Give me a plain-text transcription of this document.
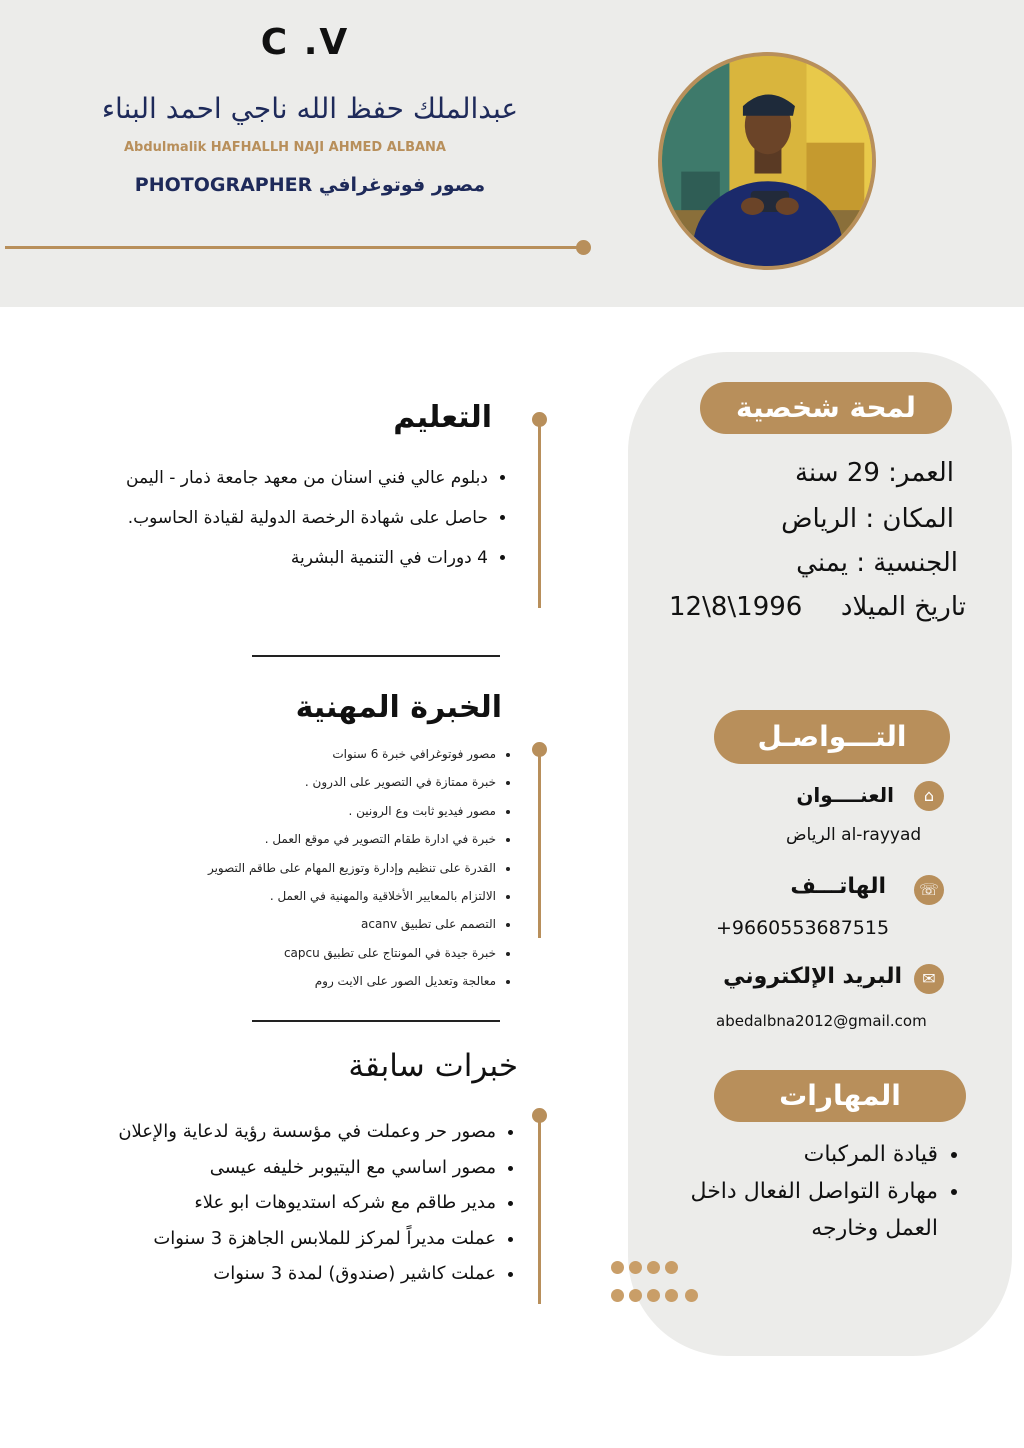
C .V
عبدالملك حفظ الله ناجي احمد البناء
Abdulmalik HAFHALLH NAJI AHMED ALBANA
مصور فوتوغرافي PHOTOGRAPHER
لمحة شخصية
العمر: 29 سنة
المكان : الرياض
الجنسية : يمني
تاريخ الميلاد  12\8\1996
التـــواصـل
⌂
العنــــوان
الرياض al-rayyad
☏
الهاتـــف
+9660553687515
✉
البريد الإلكتروني
abedalbna2012@gmail.com
المهارات
• قيادة المركبات
• مهارة التواصل الفعال داخل العمل وخارجه
التعليم
• دبلوم عالي فني اسنان من معهد جامعة ذمار - اليمن
• حاصل على شهادة الرخصة الدولية لقيادة الحاسوب.
• 4 دورات في التنمية البشرية
الخبرة المهنية
• مصور فوتوغرافي خبرة 6 سنوات
• خبرة ممتازة في التصوير على الدرون .
• مصور فيديو ثابت وع الرونين .
• خبرة في ادارة طقام التصوير في موقع العمل .
• القدرة على تنظيم وإدارة وتوزيع المهام على طاقم التصوير
• الالتزام بالمعايير الأخلاقية والمهنية في العمل .
• التصمم على تطبيق acanv
• خبرة جيدة في المونتاج على تطبيق capcu
• معالجة وتعديل الصور على الايت روم
خبرات سابقة
• مصور حر وعملت في مؤسسة رؤية لدعاية والإعلان
• مصور اساسي مع اليتيوبر خليفه عيسى
• مدير طاقم مع شركه استديوهات ابو علاء
• عملت مديراً لمركز للملابس الجاهزة 3 سنوات
• عملت كاشير (صندوق) لمدة 3 سنوات
